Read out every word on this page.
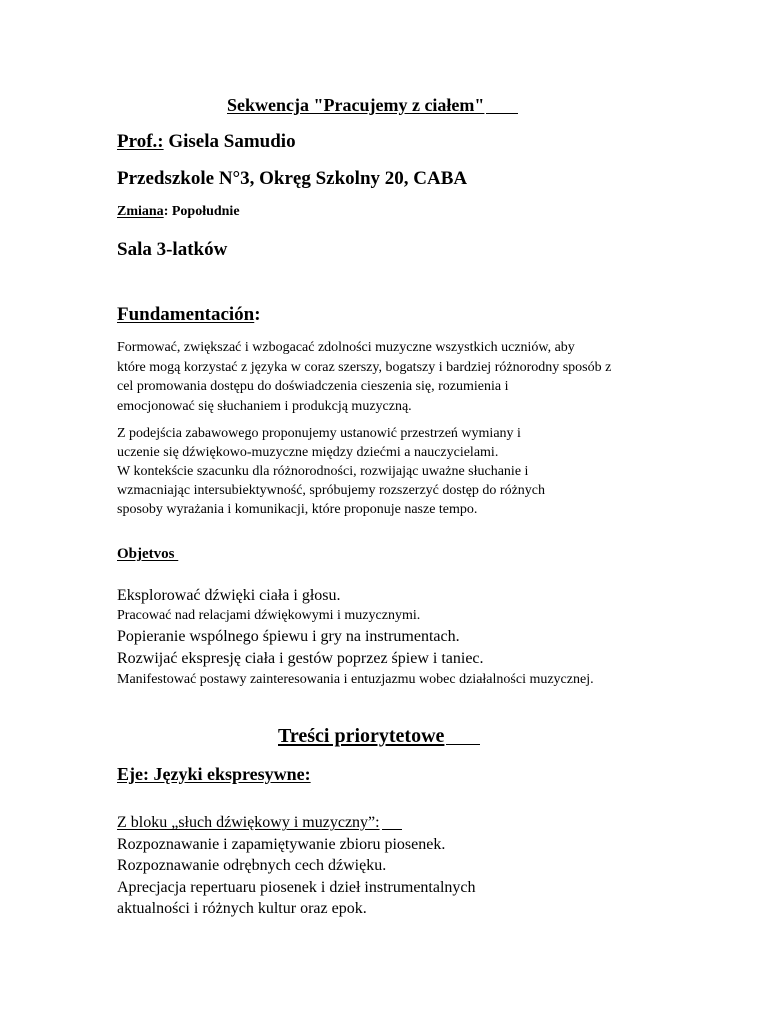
Sekwencja "Pracujemy z ciałem"
Prof.: Gisela Samudio
Przedszkole N°3, Okręg Szkolny 20, CABA
Zmiana: Popołudnie
Sala 3-latków
Fundamentación:
Formować, zwiększać i wzbogacać zdolności muzyczne wszystkich uczniów, aby
które mogą korzystać z języka w coraz szerszy, bogatszy i bardziej różnorodny sposób z
cel promowania dostępu do doświadczenia cieszenia się, rozumienia i
emocjonować się słuchaniem i produkcją muzyczną.
Z podejścia zabawowego proponujemy ustanowić przestrzeń wymiany i
uczenie się dźwiękowo-muzyczne między dziećmi a nauczycielami.
W kontekście szacunku dla różnorodności, rozwijając uważne słuchanie i
wzmacniając intersubiektywność, spróbujemy rozszerzyć dostęp do różnych
sposoby wyrażania i komunikacji, które proponuje nasze tempo.
Objetvos
Eksplorować dźwięki ciała i głosu.
Pracować nad relacjami dźwiękowymi i muzycznymi.
Popieranie wspólnego śpiewu i gry na instrumentach.
Rozwijać ekspresję ciała i gestów poprzez śpiew i taniec.
Manifestować postawy zainteresowania i entuzjazmu wobec działalności muzycznej.
Treści priorytetowe
Eje: Języki ekspresywne:
Z bloku „słuch dźwiękowy i muzyczny”:
Rozpoznawanie i zapamiętywanie zbioru piosenek.
Rozpoznawanie odrębnych cech dźwięku.
Aprecjacja repertuaru piosenek i dzieł instrumentalnych
aktualności i różnych kultur oraz epok.
